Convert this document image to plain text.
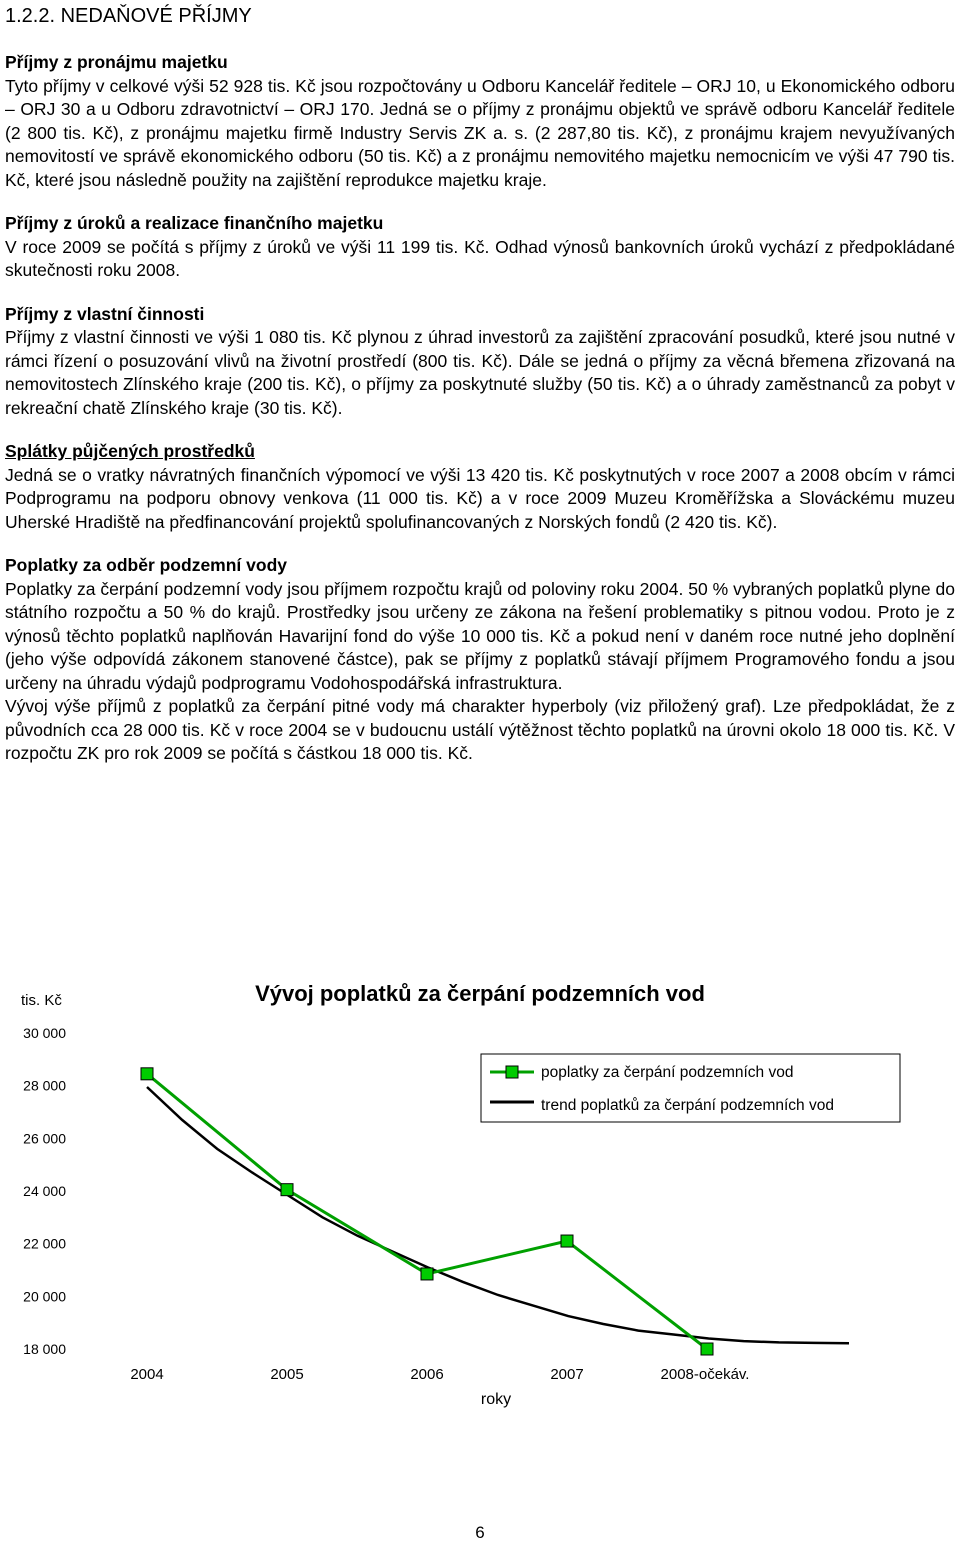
1.2.2. NEDAŇOVÉ PŘÍJMY
Příjmy z pronájmu majetku
Tyto příjmy v celkové výši 52 928 tis. Kč jsou rozpočtovány u Odboru Kancelář ředitele – ORJ 10, u Ekonomického odboru – ORJ 30 a u Odboru zdravotnictví – ORJ 170. Jedná se o příjmy z pronájmu objektů ve správě odboru Kancelář ředitele (2 800 tis. Kč), z pronájmu majetku firmě Industry Servis ZK a. s. (2 287,80 tis. Kč), z pronájmu krajem nevyužívaných nemovitostí ve správě ekonomického odboru (50 tis. Kč) a z pronájmu nemovitého majetku nemocnicím ve výši 47 790 tis. Kč, které jsou následně použity na zajištění reprodukce majetku kraje.
Příjmy z úroků a realizace finančního majetku
V roce 2009 se počítá s příjmy z úroků ve výši 11 199 tis. Kč. Odhad výnosů bankovních úroků vychází z předpokládané skutečnosti roku 2008.
Příjmy z vlastní činnosti
Příjmy z vlastní činnosti ve výši 1 080 tis. Kč plynou z úhrad investorů za zajištění zpracování posudků, které jsou nutné v rámci řízení o posuzování vlivů na životní prostředí (800 tis. Kč). Dále se jedná o příjmy za věcná břemena zřizovaná na nemovitostech Zlínského kraje (200 tis. Kč), o příjmy za poskytnuté služby (50 tis. Kč) a o úhrady zaměstnanců za pobyt v rekreační chatě Zlínského kraje (30 tis. Kč).
Splátky půjčených prostředků
Jedná se o vratky návratných finančních výpomocí ve výši 13 420 tis. Kč poskytnutých v roce 2007 a 2008 obcím v rámci Podprogramu na podporu obnovy venkova (11 000 tis. Kč) a v roce 2009 Muzeu Kroměřížska a Slováckému muzeu Uherské Hradiště na předfinancování projektů spolufinancovaných z Norských fondů (2 420 tis. Kč).
Poplatky za odběr podzemní vody
Poplatky za čerpání podzemní vody jsou příjmem rozpočtu krajů od poloviny roku 2004. 50 % vybraných poplatků plyne do státního rozpočtu a 50 % do krajů. Prostředky jsou určeny ze zákona na řešení problematiky s pitnou vodou. Proto je z výnosů těchto poplatků naplňován Havarijní fond do výše 10 000 tis. Kč a pokud není v daném roce nutné jeho doplnění (jeho výše odpovídá zákonem stanovené částce), pak se příjmy z poplatků stávají příjmem Programového fondu a jsou určeny na úhradu výdajů podprogramu Vodohospodářská infrastruktura.
Vývoj výše příjmů z poplatků za čerpání pitné vody má charakter hyperboly (viz přiložený graf). Lze předpokládat, že z původních cca 28 000 tis. Kč v roce 2004 se v budoucnu ustálí výtěžnost těchto poplatků na úrovni okolo 18 000 tis. Kč. V rozpočtu ZK pro rok 2009 se počítá s částkou 18 000 tis. Kč.
Vývoj poplatků za čerpání podzemních vod
tis. Kč
30 000
28 000
26 000
24 000
22 000
20 000
18 000
2004	2005	2006	2007	2008-očekáv.
roky
poplatky za čerpání podzemních vod
trend poplatků za čerpání podzemních vod
6
